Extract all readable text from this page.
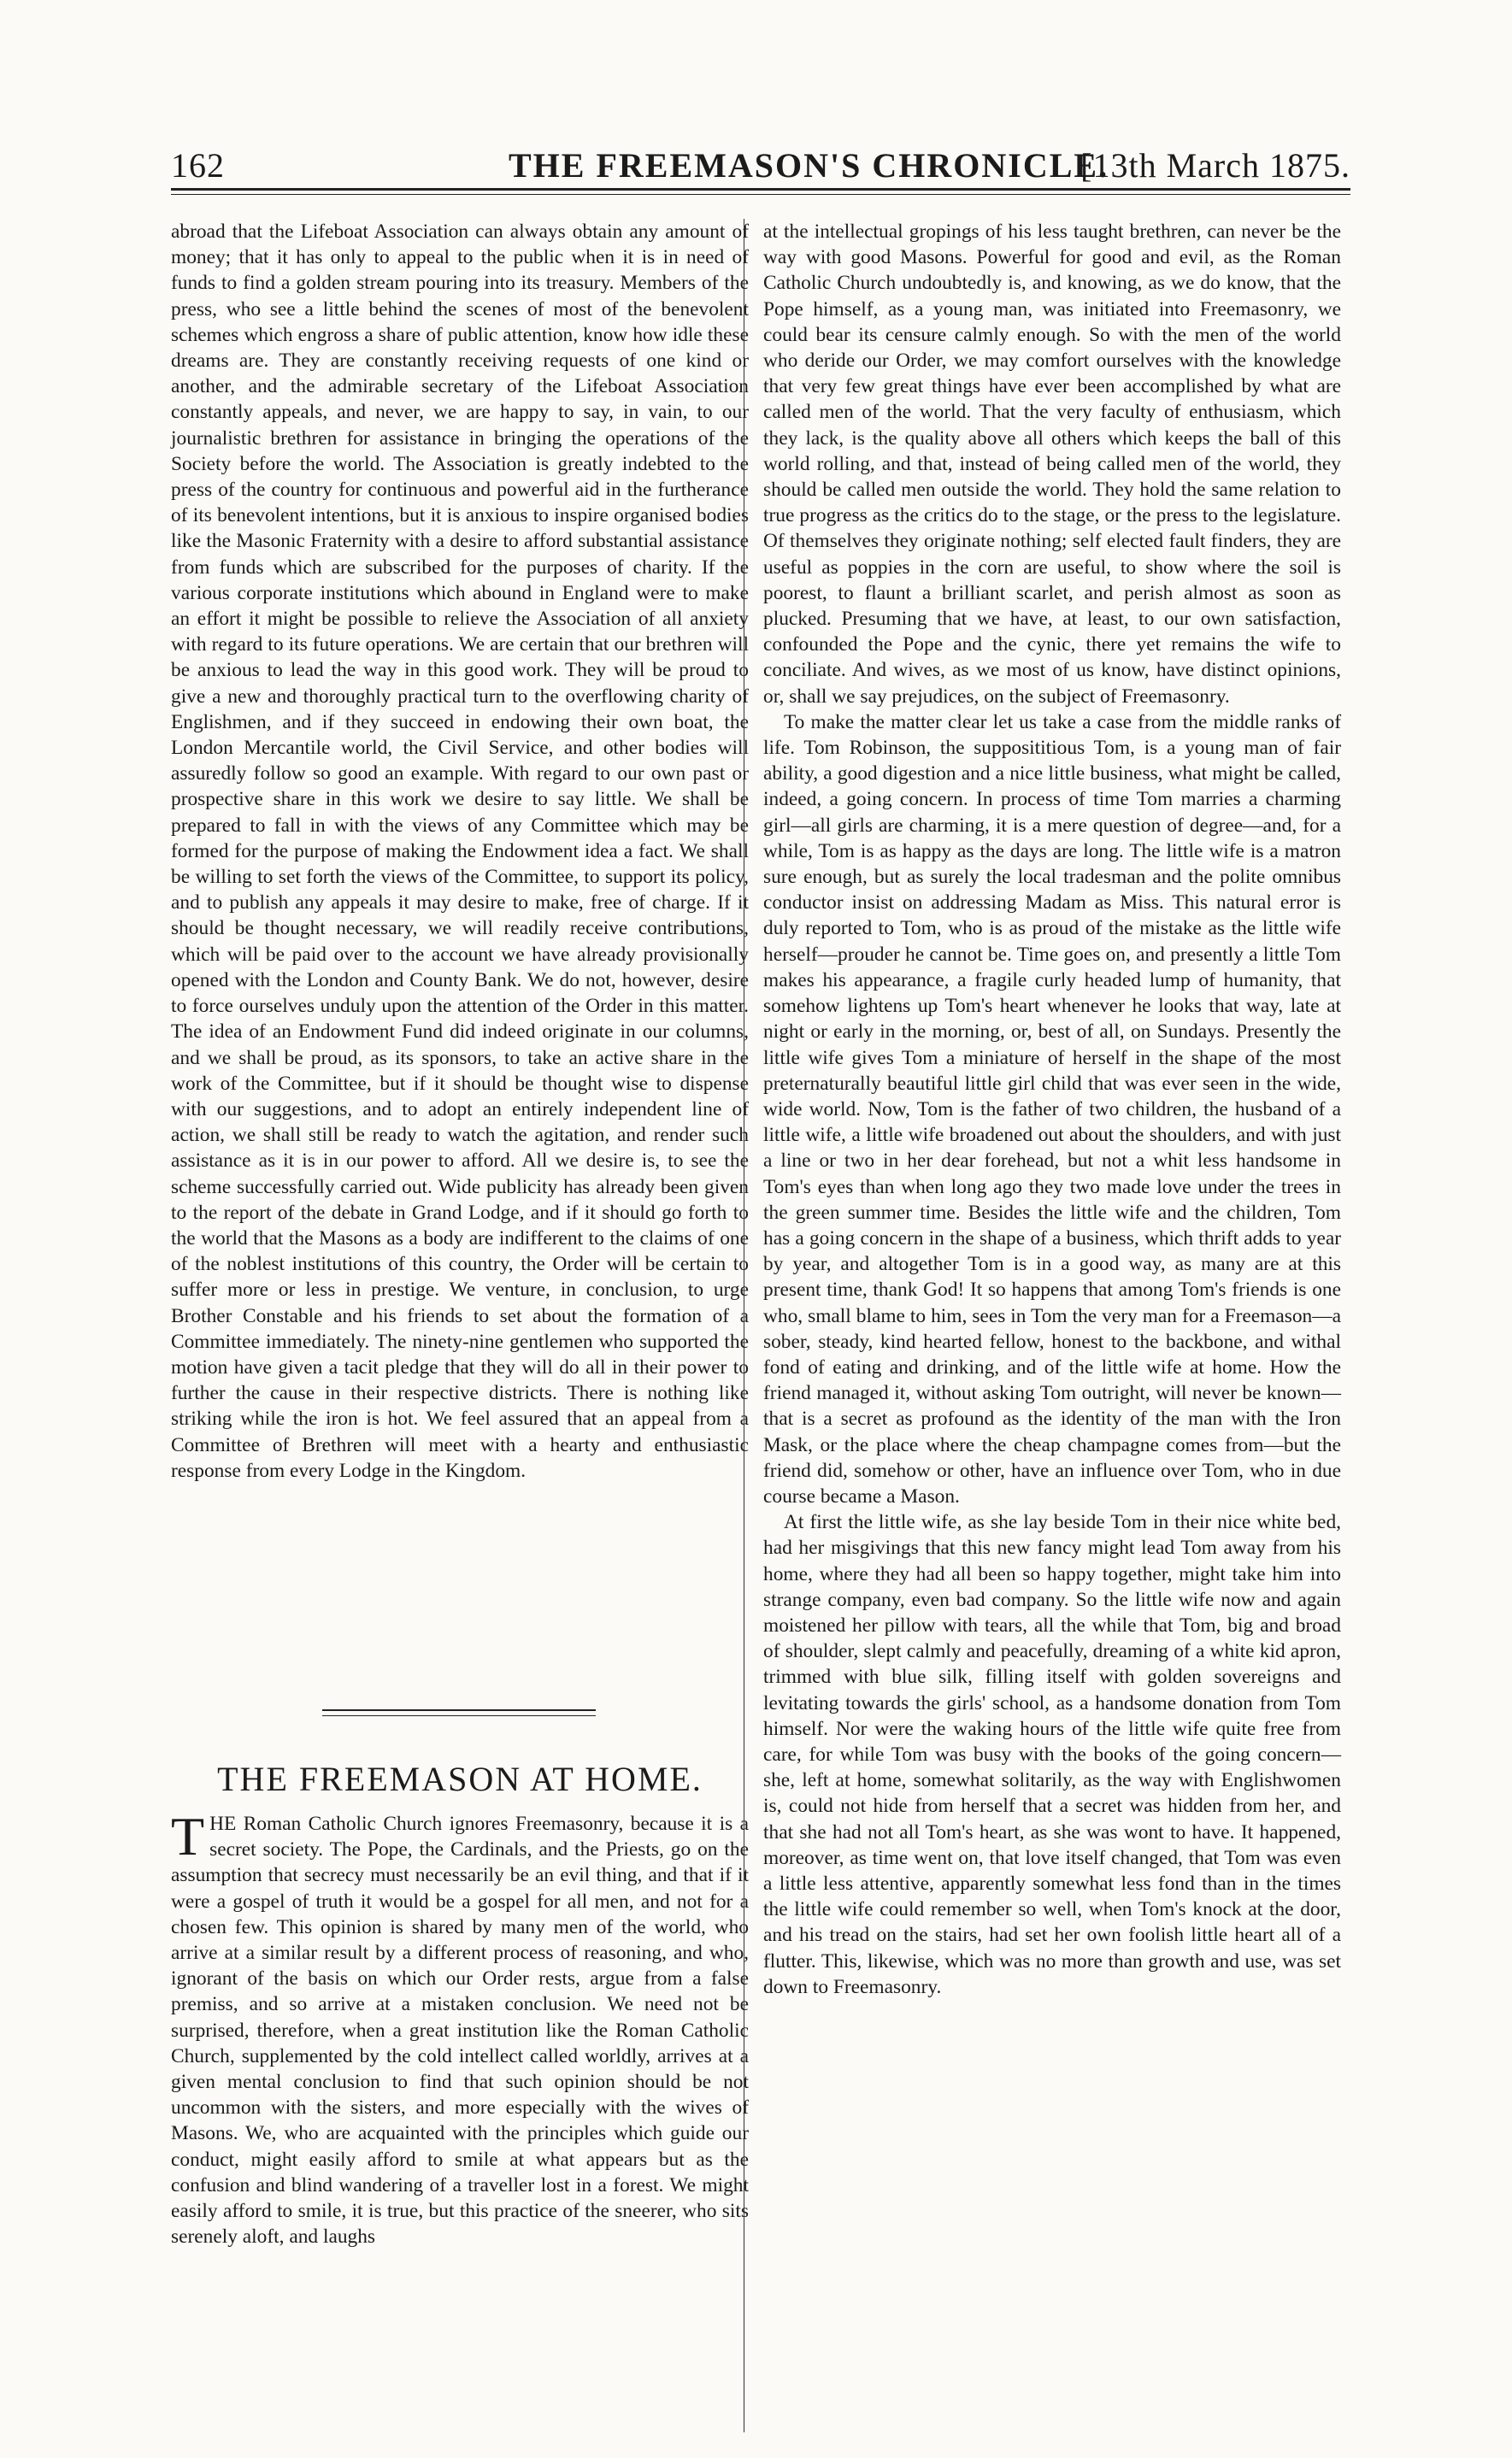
162	THE FREEMASON'S CHRONICLE.
[13th March 1875.

abroad that the Lifeboat Association can always obtain any amount of money; that it has only to appeal to the public when it is in need of funds to find a golden stream pouring into its treasury. Members of the press, who see a little behind the scenes of most of the benevolent schemes which engross a share of public attention, know how idle these dreams are. They are constantly receiving requests of one kind or another, and the admirable secretary of the Lifeboat Association constantly appeals, and never, we are happy to say, in vain, to our journalistic brethren for assistance in bringing the operations of the Society before the world. The Association is greatly indebted to the press of the country for continuous and powerful aid in the furtherance of its benevolent intentions, but it is anxious to inspire organised bodies like the Masonic Fraternity with a desire to afford substantial assistance from funds which are subscribed for the purposes of charity. If the various corporate institutions which abound in England were to make an effort it might be possible to relieve the Association of all anxiety with regard to its future operations. We are certain that our brethren will be anxious to lead the way in this good work. They will be proud to give a new and thoroughly practical turn to the overflowing charity of Englishmen, and if they succeed in endowing their own boat, the London Mercantile world, the Civil Service, and other bodies will assuredly follow so good an example. With regard to our own past or prospective share in this work we desire to say little. We shall be prepared to fall in with the views of any Committee which may be formed for the purpose of making the Endowment idea a fact. We shall be willing to set forth the views of the Committee, to support its policy, and to publish any appeals it may desire to make, free of charge. If it should be thought necessary, we will readily receive contributions, which will be paid over to the account we have already provisionally opened with the London and County Bank. We do not, however, desire to force ourselves unduly upon the attention of the Order in this matter. The idea of an Endowment Fund did indeed originate in our columns, and we shall be proud, as its sponsors, to take an active share in the work of the Committee, but if it should be thought wise to dispense with our suggestions, and to adopt an entirely independent line of action, we shall still be ready to watch the agitation, and render such assistance as it is in our power to afford. All we desire is, to see the scheme successfully carried out. Wide publicity has already been given to the report of the debate in Grand Lodge, and if it should go forth to the world that the Masons as a body are indifferent to the claims of one of the noblest institutions of this country, the Order will be certain to suffer more or less in prestige. We venture, in conclusion, to urge Brother Constable and his friends to set about the formation of a Committee immediately. The ninety-nine gentlemen who supported the motion have given a tacit pledge that they will do all in their power to further the cause in their respective districts. There is nothing like striking while the iron is hot. We feel assured that an appeal from a Committee of Brethren will meet with a hearty and enthusiastic response from every Lodge in the Kingdom.

THE FREEMASON AT HOME.

THE Roman Catholic Church ignores Freemasonry, because it is a secret society. The Pope, the Cardinals, and the Priests, go on the assumption that secrecy must necessarily be an evil thing, and that if it were a gospel of truth it would be a gospel for all men, and not for a chosen few. This opinion is shared by many men of the world, who arrive at a similar result by a different process of reasoning, and who, ignorant of the basis on which our Order rests, argue from a false premiss, and so arrive at a mistaken conclusion. We need not be surprised, therefore, when a great institution like the Roman Catholic Church, supplemented by the cold intellect called worldly, arrives at a given mental conclusion to find that such opinion should be not uncommon with the sisters, and more especially with the wives of Masons. We, who are acquainted with the principles which guide our conduct, might easily afford to smile at what appears but as the confusion and blind wandering of a traveller lost in a forest. We might easily afford to smile, it is true, but this practice of the sneerer, who sits serenely aloft, and laughs

at the intellectual gropings of his less taught brethren, can never be the way with good Masons. Powerful for good and evil, as the Roman Catholic Church undoubtedly is, and knowing, as we do know, that the Pope himself, as a young man, was initiated into Freemasonry, we could bear its censure calmly enough. So with the men of the world who deride our Order, we may comfort ourselves with the knowledge that very few great things have ever been accomplished by what are called men of the world. That the very faculty of enthusiasm, which they lack, is the quality above all others which keeps the ball of this world rolling, and that, instead of being called men of the world, they should be called men outside the world. They hold the same relation to true progress as the critics do to the stage, or the press to the legislature. Of themselves they originate nothing; self elected fault finders, they are useful as poppies in the corn are useful, to show where the soil is poorest, to flaunt a brilliant scarlet, and perish almost as soon as plucked. Presuming that we have, at least, to our own satisfaction, confounded the Pope and the cynic, there yet remains the wife to conciliate. And wives, as we most of us know, have distinct opinions, or, shall we say prejudices, on the subject of Freemasonry.

To make the matter clear let us take a case from the middle ranks of life. Tom Robinson, the supposititious Tom, is a young man of fair ability, a good digestion and a nice little business, what might be called, indeed, a going concern. In process of time Tom marries a charming girl—all girls are charming, it is a mere question of degree—and, for a while, Tom is as happy as the days are long. The little wife is a matron sure enough, but as surely the local tradesman and the polite omnibus conductor insist on addressing Madam as Miss. This natural error is duly reported to Tom, who is as proud of the mistake as the little wife herself—prouder he cannot be. Time goes on, and presently a little Tom makes his appearance, a fragile curly headed lump of humanity, that somehow lightens up Tom's heart whenever he looks that way, late at night or early in the morning, or, best of all, on Sundays. Presently the little wife gives Tom a miniature of herself in the shape of the most preternaturally beautiful little girl child that was ever seen in the wide, wide world. Now, Tom is the father of two children, the husband of a little wife, a little wife broadened out about the shoulders, and with just a line or two in her dear forehead, but not a whit less handsome in Tom's eyes than when long ago they two made love under the trees in the green summer time. Besides the little wife and the children, Tom has a going concern in the shape of a business, which thrift adds to year by year, and altogether Tom is in a good way, as many are at this present time, thank God! It so happens that among Tom's friends is one who, small blame to him, sees in Tom the very man for a Freemason—a sober, steady, kind hearted fellow, honest to the backbone, and withal fond of eating and drinking, and of the little wife at home. How the friend managed it, without asking Tom outright, will never be known—that is a secret as profound as the identity of the man with the Iron Mask, or the place where the cheap champagne comes from—but the friend did, somehow or other, have an influence over Tom, who in due course became a Mason.

At first the little wife, as she lay beside Tom in their nice white bed, had her misgivings that this new fancy might lead Tom away from his home, where they had all been so happy together, might take him into strange company, even bad company. So the little wife now and again moistened her pillow with tears, all the while that Tom, big and broad of shoulder, slept calmly and peacefully, dreaming of a white kid apron, trimmed with blue silk, filling itself with golden sovereigns and levitating towards the girls' school, as a handsome donation from Tom himself. Nor were the waking hours of the little wife quite free from care, for while Tom was busy with the books of the going concern—she, left at home, somewhat solitarily, as the way with Englishwomen is, could not hide from herself that a secret was hidden from her, and that she had not all Tom's heart, as she was wont to have. It happened, moreover, as time went on, that love itself changed, that Tom was even a little less attentive, apparently somewhat less fond than in the times the little wife could remember so well, when Tom's knock at the door, and his tread on the stairs, had set her own foolish little heart all of a flutter. This, likewise, which was no more than growth and use, was set down to Freemasonry.
